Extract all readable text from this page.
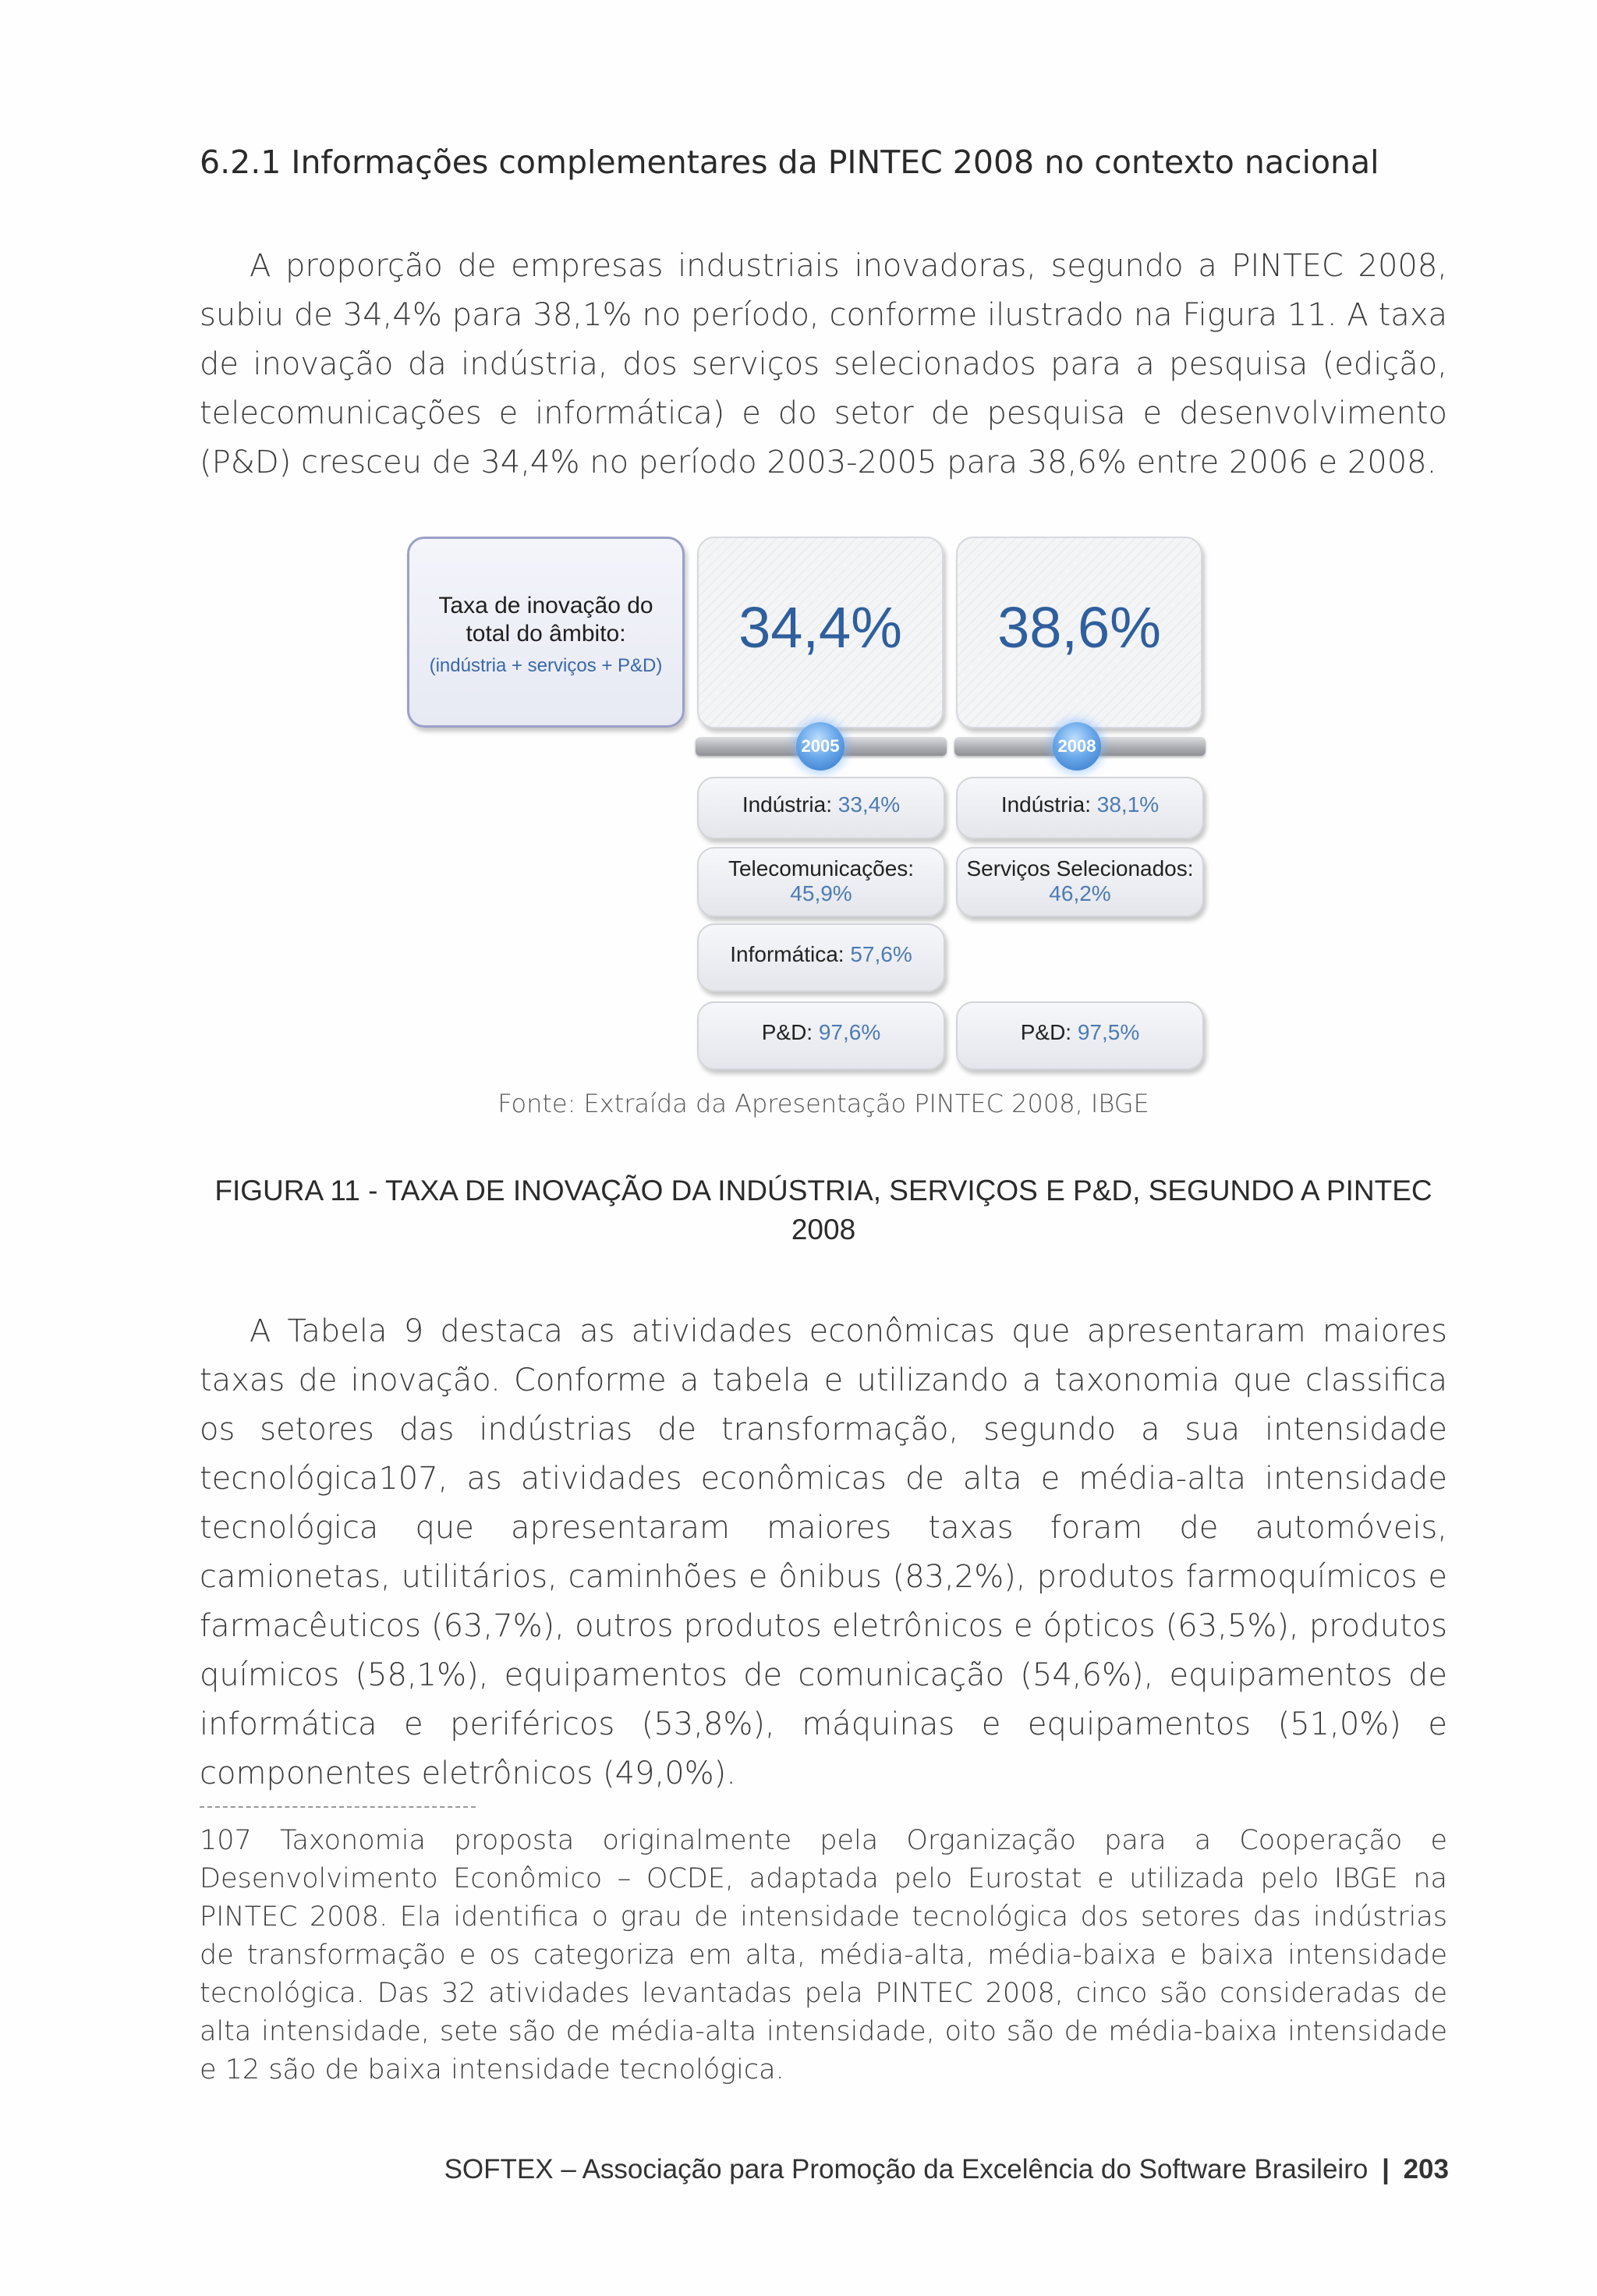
6.2.1 Informações complementares da PINTEC 2008 no contexto nacional

A proporção de empresas industriais inovadoras, segundo a PINTEC 2008, subiu de 34,4% para 38,1% no período, conforme ilustrado na Figura 11. A taxa de inovação da indústria, dos serviços selecionados para a pesquisa (edição, telecomunicações e informática) e do setor de pesquisa e desenvolvimento (P&D) cresceu de 34,4% no período 2003-2005 para 38,6% entre 2006 e 2008.

Taxa de inovação do
total do âmbito:
(indústria + serviços + P&D)
34,4%	38,6%
2005	2008
Indústria: 33,4%
Telecomunicações:
45,9%
Informática: 57,6%
P&D: 97,6%
Indústria: 38,1%
Serviços Selecionados:
46,2%
P&D: 97,5%
Fonte: Extraída da Apresentação PINTEC 2008, IBGE
FIGURA 11 - TAXA DE INOVAÇÃO DA INDÚSTRIA, SERVIÇOS E P&D, SEGUNDO A PINTEC 2008

A Tabela 9 destaca as atividades econômicas que apresentaram maiores taxas de inovação. Conforme a tabela e utilizando a taxonomia que classifica os setores das indústrias de transformação, segundo a sua intensidade tecnológica107, as atividades econômicas de alta e média-alta intensidade tecnológica que apresentaram maiores taxas foram de automóveis, camionetas, utilitários, caminhões e ônibus (83,2%), produtos farmoquímicos e farmacêuticos (63,7%), outros produtos eletrônicos e ópticos (63,5%), produtos químicos (58,1%), equipamentos de comunicação (54,6%), equipamentos de informática e periféricos (53,8%), máquinas e equipamentos (51,0%) e componentes eletrônicos (49,0%).

107 Taxonomia proposta originalmente pela Organização para a Cooperação e Desenvolvimento Econômico – OCDE, adaptada pelo Eurostat e utilizada pelo IBGE na PINTEC 2008. Ela identifica o grau de intensidade tecnológica dos setores das indústrias de transformação e os categoriza em alta, média-alta, média-baixa e baixa intensidade tecnológica. Das 32 atividades levantadas pela PINTEC 2008, cinco são consideradas de alta intensidade, sete são de média-alta intensidade, oito são de média-baixa intensidade e 12 são de baixa intensidade tecnológica.

SOFTEX – Associação para Promoção da Excelência do Software Brasileiro | 203
